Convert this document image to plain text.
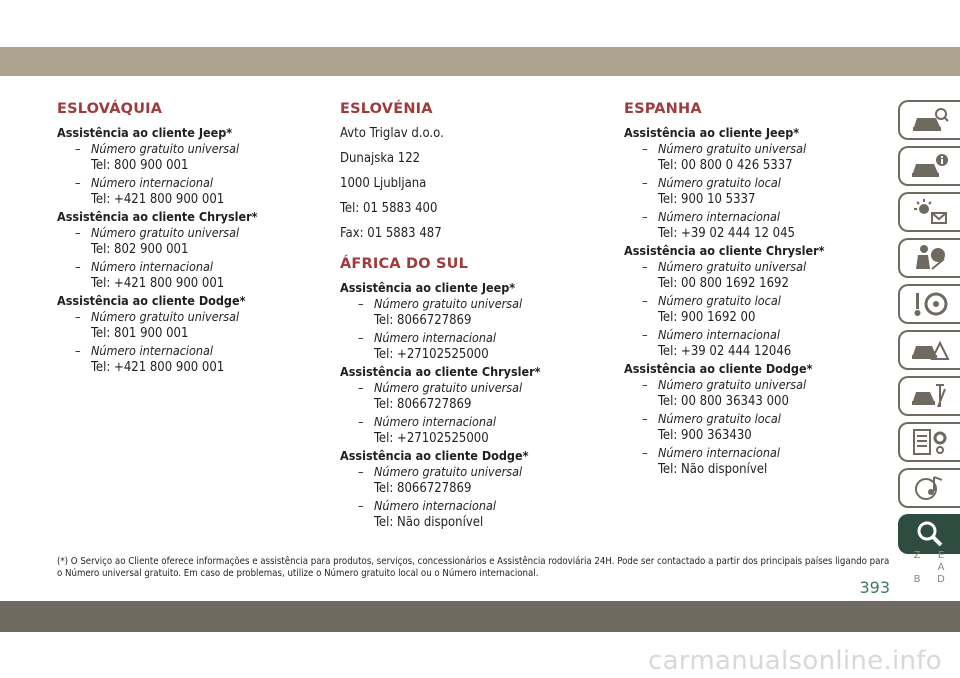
ESLOVÁQUIA
Assistência ao cliente Jeep*
– Número gratuito universal
Tel: 800 900 001
– Número internacional
Tel: +421 800 900 001
Assistência ao cliente Chrysler*
– Número gratuito universal
Tel: 802 900 001
– Número internacional
Tel: +421 800 900 001
Assistência ao cliente Dodge*
– Número gratuito universal
Tel: 801 900 001
– Número internacional
Tel: +421 800 900 001
ESLOVÉNIA
Avto Triglav d.o.o.
Dunajska 122
1000 Ljubljana
Tel: 01 5883 400
Fax: 01 5883 487
ÁFRICA DO SUL
Assistência ao cliente Jeep*
– Número gratuito universal
Tel: 8066727869
– Número internacional
Tel: +27102525000
Assistência ao cliente Chrysler*
– Número gratuito universal
Tel: 8066727869
– Número internacional
Tel: +27102525000
Assistência ao cliente Dodge*
– Número gratuito universal
Tel: 8066727869
– Número internacional
Tel: Não disponível
ESPANHA
Assistência ao cliente Jeep*
– Número gratuito universal
Tel: 00 800 0 426 5337
– Número gratuito local
Tel: 900 10 5337
– Número internacional
Tel: +39 02 444 12 045
Assistência ao cliente Chrysler*
– Número gratuito universal
Tel: 00 800 1692 1692
– Número gratuito local
Tel: 900 1692 00
– Número internacional
Tel: +39 02 444 12046
Assistência ao cliente Dodge*
– Número gratuito universal
Tel: 00 800 36343 000
– Número gratuito local
Tel: 900 363430
– Número internacional
Tel: Não disponível
(*) O Serviço ao Cliente oferece informações e assistência para produtos, serviços, concessionários e Assistência rodoviária 24H. Pode ser contactado a partir dos principais países ligando para o Número universal gratuito. Em caso de problemas, utilize o Número gratuito local ou o Número internacional.
393
Z E
A
B D
carmanualsonline.info
